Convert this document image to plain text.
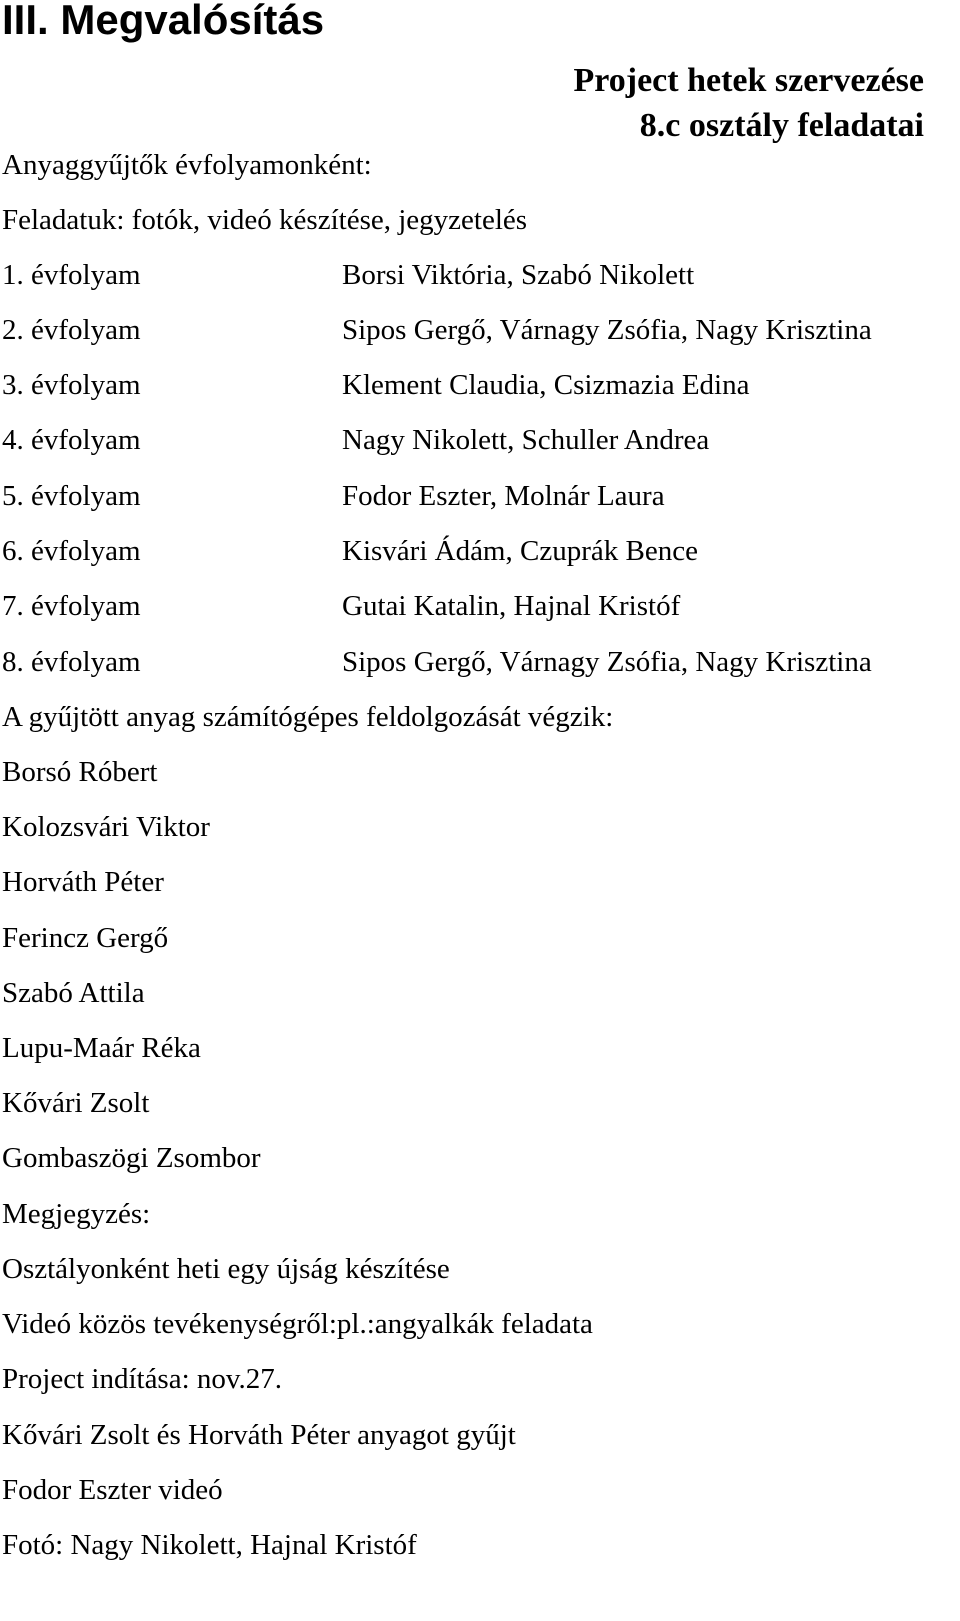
III. Megvalósítás
Project hetek szervezése
8.c osztály feladatai
Anyaggyűjtők évfolyamonként:
Feladatuk: fotók, videó készítése, jegyzetelés
1. évfolyam	Borsi Viktória, Szabó Nikolett
2. évfolyam	Sipos Gergő, Várnagy Zsófia, Nagy Krisztina
3. évfolyam	Klement Claudia, Csizmazia Edina
4. évfolyam	Nagy Nikolett, Schuller Andrea
5. évfolyam	Fodor Eszter, Molnár Laura
6. évfolyam	Kisvári Ádám, Czuprák Bence
7. évfolyam	Gutai Katalin, Hajnal Kristóf
8. évfolyam	Sipos Gergő, Várnagy Zsófia, Nagy Krisztina
A gyűjtött anyag számítógépes feldolgozását végzik:
Borsó Róbert
Kolozsvári Viktor
Horváth Péter
Ferincz Gergő
Szabó Attila
Lupu-Maár Réka
Kővári Zsolt
Gombaszögi Zsombor
Megjegyzés:
Osztályonként heti egy újság készítése
Videó közös tevékenységről:pl.:angyalkák feladata
Project indítása: nov.27.
Kővári Zsolt és Horváth Péter anyagot gyűjt
Fodor Eszter videó
Fotó: Nagy Nikolett, Hajnal Kristóf
